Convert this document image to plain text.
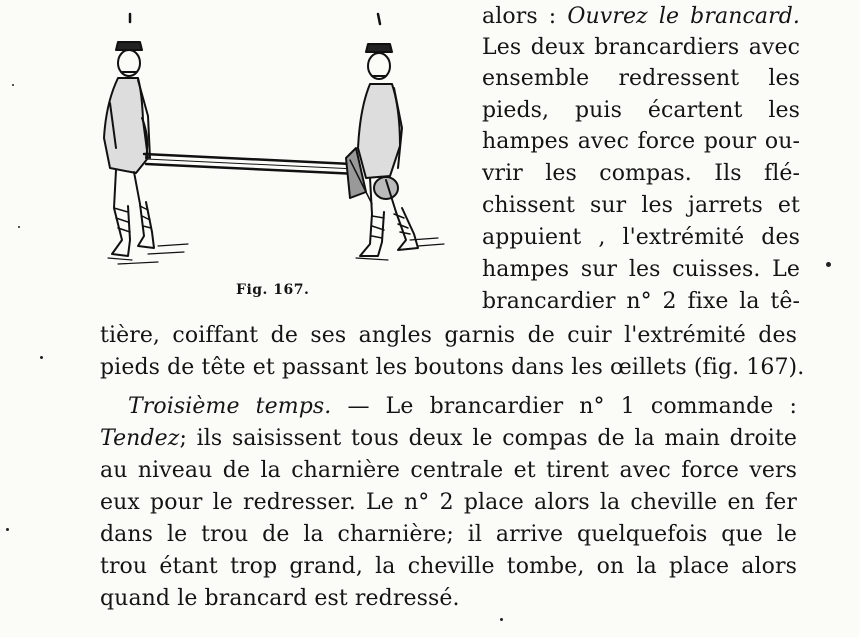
Fig. 167.
alors : Ouvrez le brancard.
Les deux brancardiers avec
ensemble redressent les
pieds, puis écartent les
hampes avec force pour ou-
vrir les compas. Ils flé-
chissent sur les jarrets et
appuient , l'extrémité des
hampes sur les cuisses. Le
brancardier n° 2 fixe la tê-
tière, coiffant de ses angles garnis de cuir l'extrémité des
pieds de tête et passant les boutons dans les œillets (fig. 167).
Troisième temps. — Le brancardier n° 1 commande :
Tendez; ils saisissent tous deux le compas de la main droite
au niveau de la charnière centrale et tirent avec force vers
eux pour le redresser. Le n° 2 place alors la cheville en fer
dans le trou de la charnière; il arrive quelquefois que le
trou étant trop grand, la cheville tombe, on la place alors
quand le brancard est redressé.
